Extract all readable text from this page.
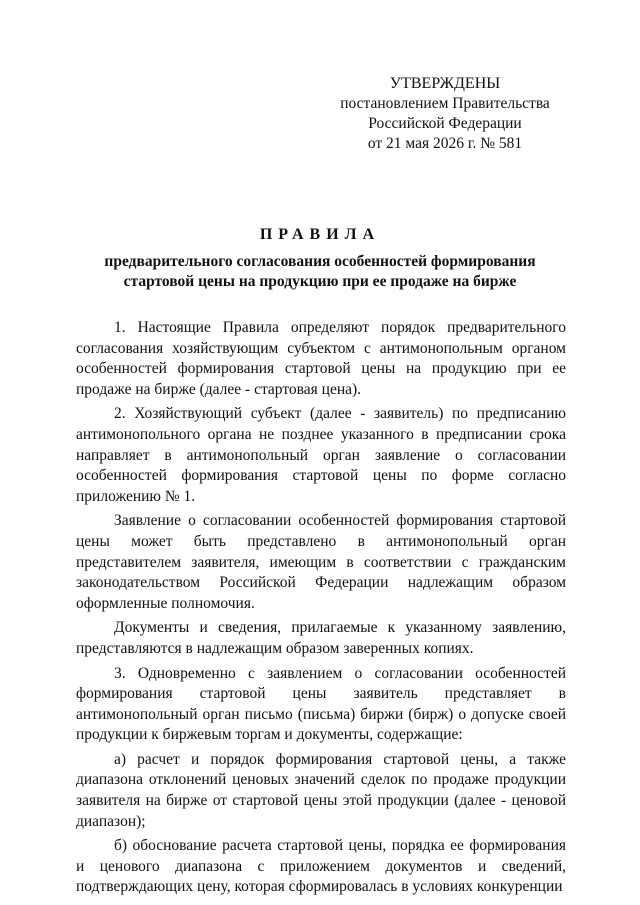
УТВЕРЖДЕНЫ
постановлением Правительства
Российской Федерации
от 21 мая 2026 г. № 581
ПРАВИЛА
предварительного согласования особенностей формирования стартовой цены на продукцию при ее продаже на бирже

1. Настоящие Правила определяют порядок предварительного согласования хозяйствующим субъектом с антимонопольным органом особенностей формирования стартовой цены на продукцию при ее продаже на бирже (далее - стартовая цена).

2. Хозяйствующий субъект (далее - заявитель) по предписанию антимонопольного органа не позднее указанного в предписании срока направляет в антимонопольный орган заявление о согласовании особенностей формирования стартовой цены по форме согласно приложению № 1.

Заявление о согласовании особенностей формирования стартовой цены может быть представлено в антимонопольный орган представителем заявителя, имеющим в соответствии с гражданским законодательством Российской Федерации надлежащим образом оформленные полномочия.

Документы и сведения, прилагаемые к указанному заявлению, представляются в надлежащим образом заверенных копиях.

3. Одновременно с заявлением о согласовании особенностей формирования стартовой цены заявитель представляет в антимонопольный орган письмо (письма) биржи (бирж) о допуске своей продукции к биржевым торгам и документы, содержащие:

а) расчет и порядок формирования стартовой цены, а также диапазона отклонений ценовых значений сделок по продаже продукции заявителя на бирже от стартовой цены этой продукции (далее - ценовой диапазон);

б) обоснование расчета стартовой цены, порядка ее формирования и ценового диапазона с приложением документов и сведений, подтверждающих цену, которая сформировалась в условиях конкуренции
